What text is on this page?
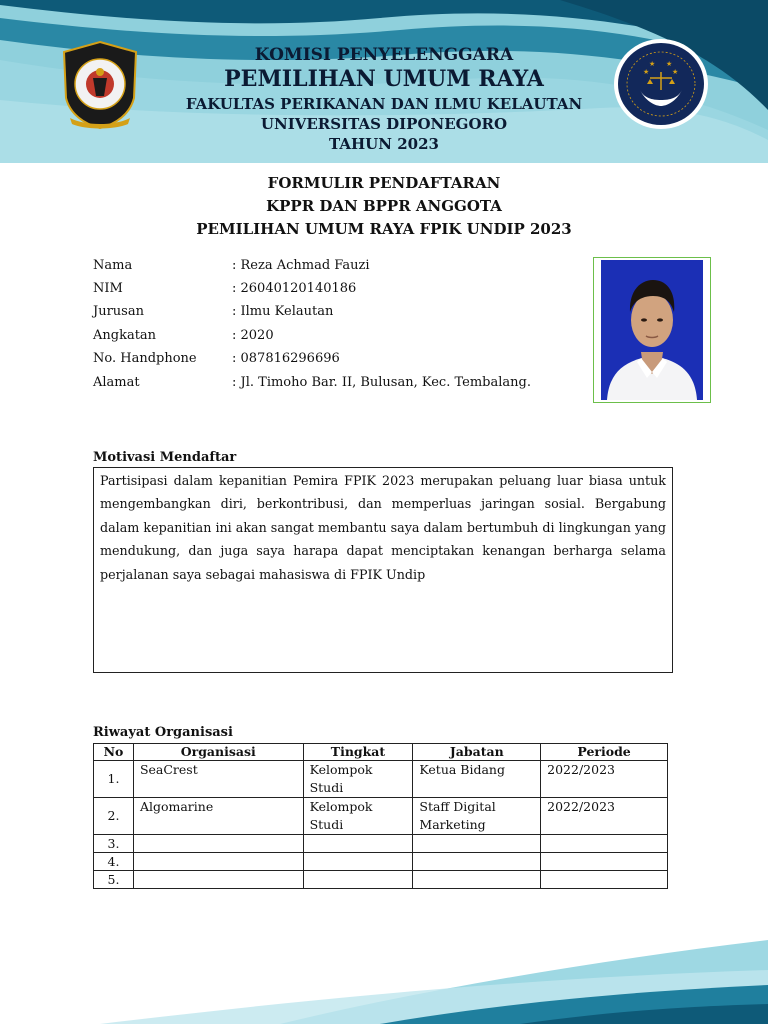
★ ★
★	★
KOMISI PENYELENGGARA
PEMILIHAN UMUM RAYA
FAKULTAS PERIKANAN DAN ILMU KELAUTAN
UNIVERSITAS DIPONEGORO
TAHUN 2023
FORMULIR PENDAFTARAN
KPPR DAN BPPR ANGGOTA
PEMILIHAN UMUM RAYA FPIK UNDIP 2023
Nama	: Reza Achmad Fauzi
NIM	: 26040120140186
Jurusan	: Ilmu Kelautan
Angkatan	: 2020
No. Handphone	: 087816296696
Alamat	: Jl. Timoho Bar. II, Bulusan, Kec. Tembalang.
Motivasi Mendaftar
Partisipasi dalam kepanitian Pemira FPIK 2023 merupakan peluang luar biasa untuk mengembangkan diri, berkontribusi, dan memperluas jaringan sosial. Bergabung dalam kepanitian ini akan sangat membantu saya dalam bertumbuh di lingkungan yang mendukung, dan juga saya harapa dapat menciptakan kenangan berharga selama perjalanan saya sebagai mahasiswa di FPIK Undip
Riwayat Organisasi
No	Organisasi	Tingkat	Jabatan	Periode
1.	SeaCrest	Kelompok Studi	Ketua Bidang	2022/2023
2.	Algomarine	Kelompok Studi	Staff Digital Marketing	2022/2023
3.				
4.				
5.				
